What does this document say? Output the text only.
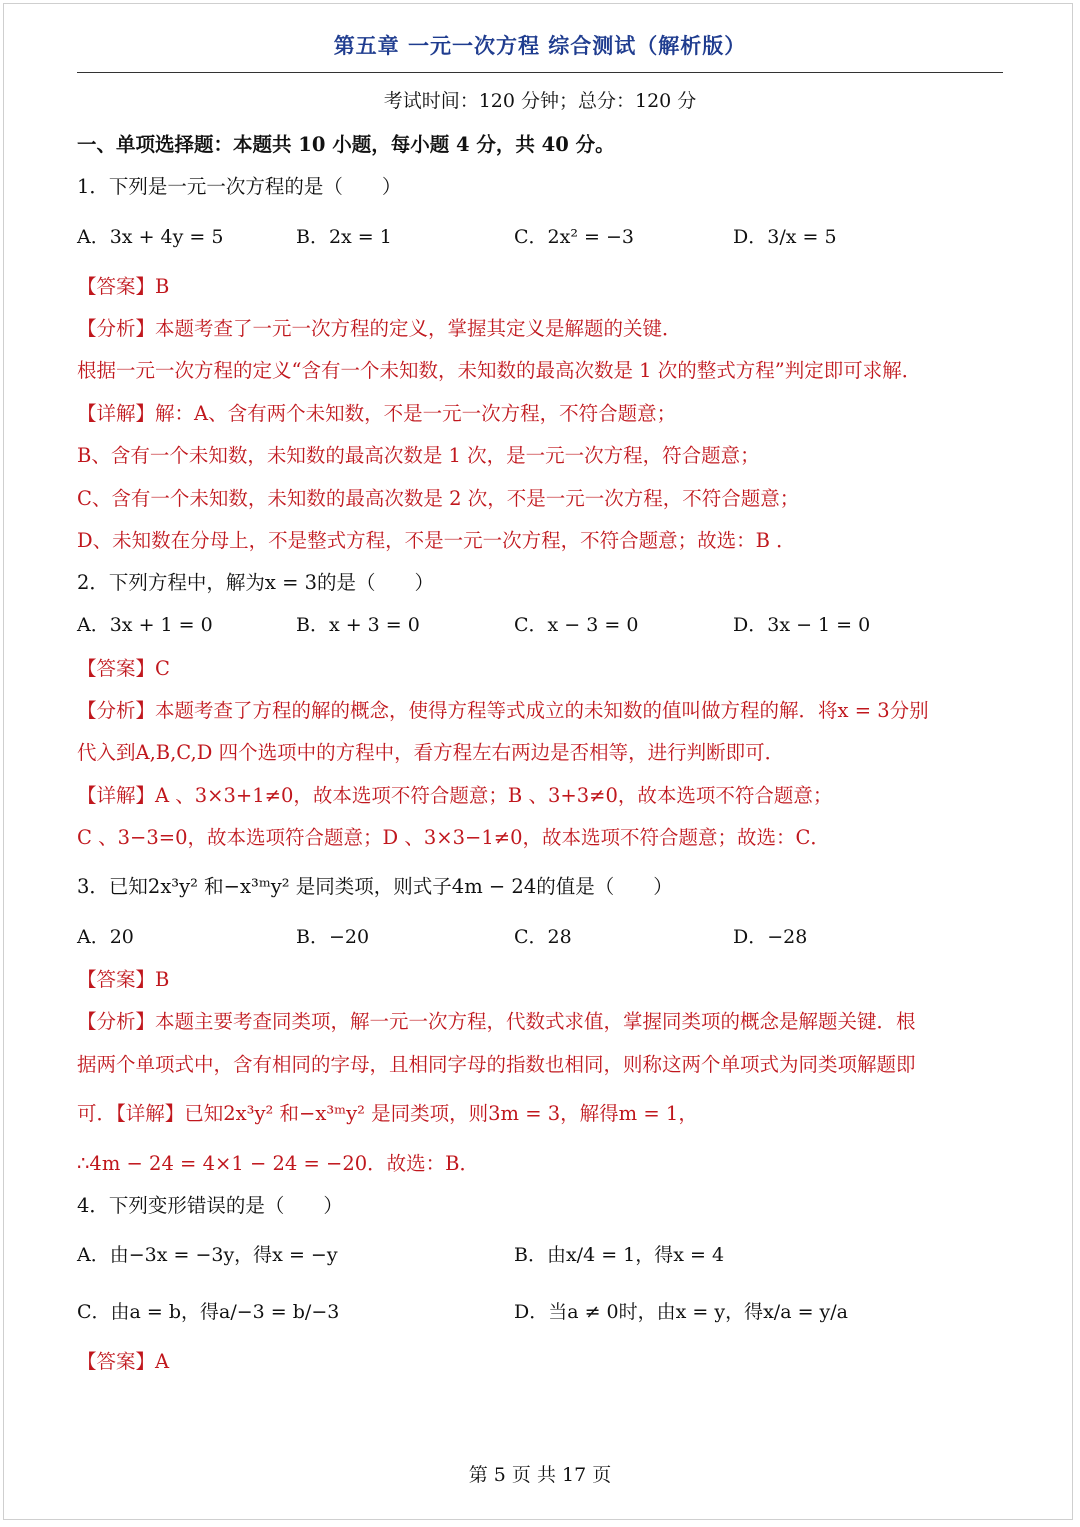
第五章 一元一次方程 综合测试（解析版）
考试时间：120 分钟；总分：120 分
一、单项选择题：本题共 10 小题，每小题 4 分，共 40 分。
1．下列是一元一次方程的是（　　）
A．3x + 4y = 5	B．2x = 1	C．2x² = −3	D．3/x = 5
【答案】B
【分析】本题考查了一元一次方程的定义，掌握其定义是解题的关键．
根据一元一次方程的定义“含有一个未知数，未知数的最高次数是 1 次的整式方程”判定即可求解．
【详解】解：A、含有两个未知数，不是一元一次方程，不符合题意；
B、含有一个未知数，未知数的最高次数是 1 次，是一元一次方程，符合题意；
C、含有一个未知数，未知数的最高次数是 2 次，不是一元一次方程，不符合题意；
D、未知数在分母上，不是整式方程，不是一元一次方程，不符合题意；故选：B ．
2．下列方程中，解为x = 3的是（　　）
A．3x + 1 = 0	B．x + 3 = 0	C．x − 3 = 0	D．3x − 1 = 0
【答案】C
【分析】本题考查了方程的解的概念，使得方程等式成立的未知数的值叫做方程的解．将x = 3分别
代入到A,B,C,D 四个选项中的方程中，看方程左右两边是否相等，进行判断即可．
【详解】A 、3×3+1≠0，故本选项不符合题意；B 、3+3≠0，故本选项不符合题意；
C 、3−3=0，故本选项符合题意；D 、3×3−1≠0，故本选项不符合题意；故选：C．
3．已知2x³y² 和−x³ᵐy² 是同类项，则式子4m − 24的值是（　　）
A．20	B．−20	C．28	D．−28
【答案】B
【分析】本题主要考查同类项，解一元一次方程，代数式求值，掌握同类项的概念是解题关键．根
据两个单项式中，含有相同的字母，且相同字母的指数也相同，则称这两个单项式为同类项解题即
可．【详解】已知2x³y² 和−x³ᵐy² 是同类项，则3m = 3，解得m = 1，
∴4m − 24 = 4×1 − 24 = −20．故选：B．
4．下列变形错误的是（　　）
A．由−3x = −3y，得x = −y	B．由x/4 = 1，得x = 4
C．由a = b，得a/−3 = b/−3	D．当a ≠ 0时，由x = y，得x/a = y/a
【答案】A
第 5 页 共 17 页
